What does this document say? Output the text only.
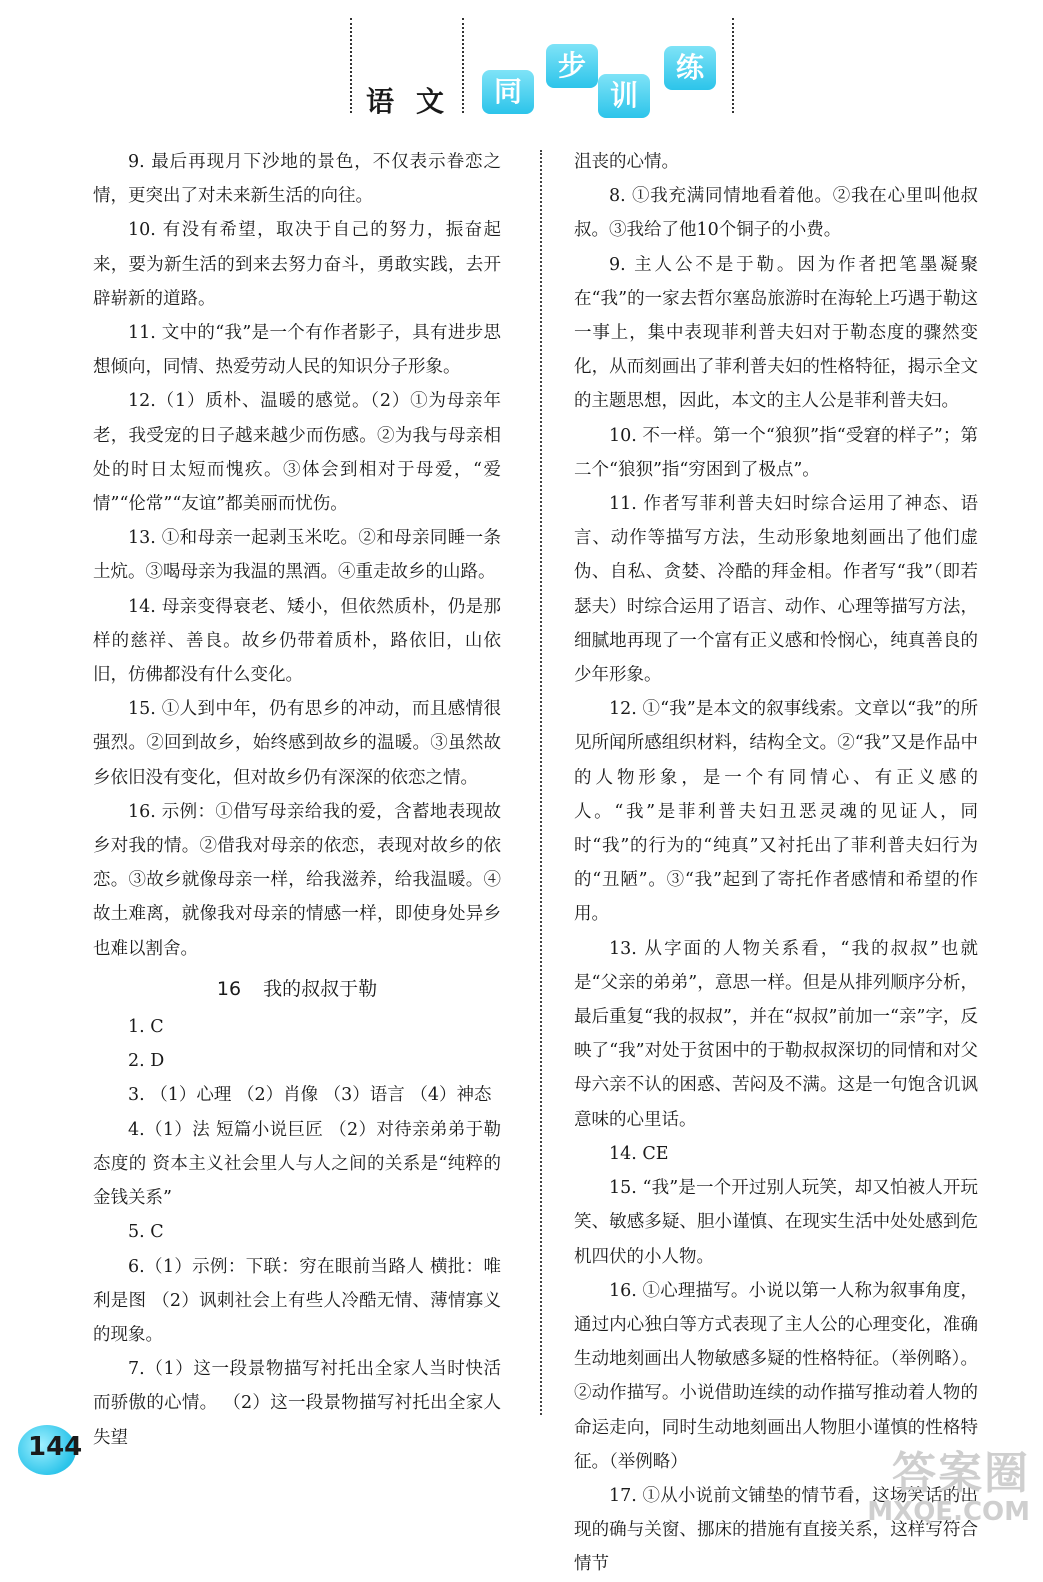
语 文	同
步
训
练

9. 最后再现月下沙地的景色，不仅表示眷恋之情，更突出了对未来新生活的向往。

10. 有没有希望，取决于自己的努力，振奋起来，要为新生活的到来去努力奋斗，勇敢实践，去开辟崭新的道路。

11. 文中的“我”是一个有作者影子，具有进步思想倾向，同情、热爱劳动人民的知识分子形象。

12.（1）质朴、温暖的感觉。（2）①为母亲年老，我受宠的日子越来越少而伤感。②为我与母亲相处的时日太短而愧疚。③体会到相对于母爱，“爱情”“伦常”“友谊”都美丽而忧伤。

13. ①和母亲一起剥玉米吃。②和母亲同睡一条土炕。③喝母亲为我温的黑酒。④重走故乡的山路。

14. 母亲变得衰老、矮小，但依然质朴，仍是那样的慈祥、善良。故乡仍带着质朴，路依旧，山依旧，仿佛都没有什么变化。

15. ①人到中年，仍有思乡的冲动，而且感情很强烈。②回到故乡，始终感到故乡的温暖。③虽然故乡依旧没有变化，但对故乡仍有深深的依恋之情。

16. 示例：①借写母亲给我的爱，含蓄地表现故乡对我的情。②借我对母亲的依恋，表现对故乡的依恋。③故乡就像母亲一样，给我滋养，给我温暖。④故土难离，就像我对母亲的情感一样，即使身处异乡也难以割舍。

16 我的叔叔于勒

1. C

2. D

3. （1）心理 （2）肖像 （3）语言 （4）神态

4.（1）法 短篇小说巨匠 （2）对待亲弟弟于勒态度的 资本主义社会里人与人之间的关系是“纯粹的金钱关系”

5. C

6.（1）示例：下联：穷在眼前当路人 横批：唯利是图 （2）讽刺社会上有些人冷酷无情、薄情寡义的现象。

7.（1）这一段景物描写衬托出全家人当时快活而骄傲的心情。 （2）这一段景物描写衬托出全家人失望

沮丧的心情。

8. ①我充满同情地看着他。②我在心里叫他叔叔。③我给了他10个铜子的小费。

9. 主人公不是于勒。因为作者把笔墨凝聚在“我”的一家去哲尔塞岛旅游时在海轮上巧遇于勒这一事上，集中表现菲利普夫妇对于勒态度的骤然变化，从而刻画出了菲利普夫妇的性格特征，揭示全文的主题思想，因此，本文的主人公是菲利普夫妇。

10. 不一样。第一个“狼狈”指“受窘的样子”；第二个“狼狈”指“穷困到了极点”。

11. 作者写菲利普夫妇时综合运用了神态、语言、动作等描写方法，生动形象地刻画出了他们虚伪、自私、贪婪、冷酷的拜金相。作者写“我”（即若瑟夫）时综合运用了语言、动作、心理等描写方法，细腻地再现了一个富有正义感和怜悯心，纯真善良的少年形象。

12. ①“我”是本文的叙事线索。文章以“我”的所见所闻所感组织材料，结构全文。②“我”又是作品中的人物形象，是一个有同情心、有正义感的人。“我”是菲利普夫妇丑恶灵魂的见证人，同时“我”的行为的“纯真”又衬托出了菲利普夫妇行为的“丑陋”。③“我”起到了寄托作者感情和希望的作用。

13. 从字面的人物关系看，“我的叔叔”也就是“父亲的弟弟”，意思一样。但是从排列顺序分析，最后重复“我的叔叔”，并在“叔叔”前加一“亲”字，反映了“我”对处于贫困中的于勒叔叔深切的同情和对父母六亲不认的困惑、苦闷及不满。这是一句饱含讥讽意味的心里话。

14. CE

15. “我”是一个开过别人玩笑，却又怕被人开玩笑、敏感多疑、胆小谨慎、在现实生活中处处感到危机四伏的小人物。

16. ①心理描写。小说以第一人称为叙事角度，通过内心独白等方式表现了主人公的心理变化，准确生动地刻画出人物敏感多疑的性格特征。（举例略）。②动作描写。小说借助连续的动作描写推动着人物的命运走向，同时生动地刻画出人物胆小谨慎的性格特征。（举例略）

17. ①从小说前文铺垫的情节看，这场笑话的出现的确与关窗、挪床的措施有直接关系，这样写符合情节

144
答案圈
MXQE.COM
